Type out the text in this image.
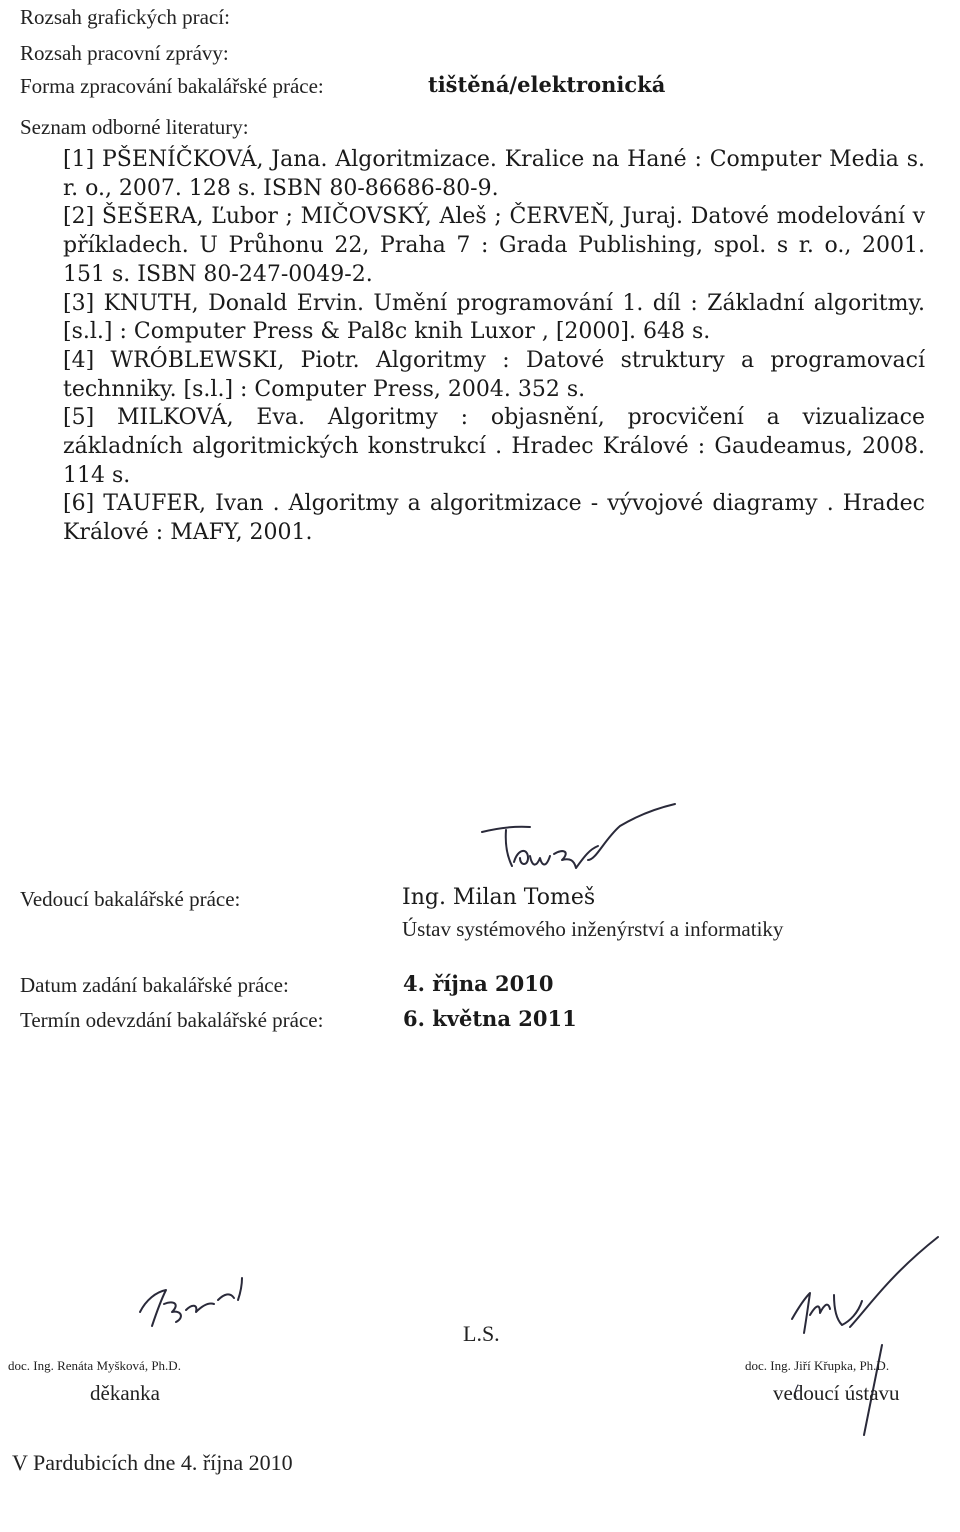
Rozsah grafických prací:
Rozsah pracovní zprávy:
Forma zpracování bakalářské práce:	tištěná/elektronická
Seznam odborné literatury:

[1] PŠENÍČKOVÁ, Jana. Algoritmizace. Kralice na Hané : Computer Media s. r. o., 2007. 128 s. ISBN 80-86686-80-9.

[2] ŠEŠERA, Ľubor ; MIČOVSKÝ, Aleš ; ČERVEŇ, Juraj. Datové modelování v příkladech. U Průhonu 22, Praha 7 : Grada Publishing, spol. s r. o., 2001. 151 s. ISBN 80-247-0049-2.

[3] KNUTH, Donald Ervin. Umění programování 1. díl : Základní algoritmy. [s.l.] : Computer Press & Pal8c knih Luxor , [2000]. 648 s.

[4] WRÓBLEWSKI, Piotr. Algoritmy : Datové struktury a programovací technniky. [s.l.] : Computer Press, 2004. 352 s.

[5] MILKOVÁ, Eva. Algoritmy : objasnění, procvičení a vizualizace základních algoritmických konstrukcí . Hradec Králové : Gaudeamus, 2008. 114 s.

[6] TAUFER, Ivan . Algoritmy a algoritmizace - vývojové diagramy . Hradec Králové : MAFY, 2001.

Vedoucí bakalářské práce:	Ing. Milan Tomeš
Ústav systémového inženýrství a informatiky
Datum zadání bakalářské práce:	4. října 2010
Termín odevzdání bakalářské práce:	6. května 2011
doc. Ing. Renáta Myšková, Ph.D.
děkanka
L.S.
doc. Ing. Jiří Křupka, Ph.D.
vedoucí ústavu
V Pardubicích dne 4. října 2010
